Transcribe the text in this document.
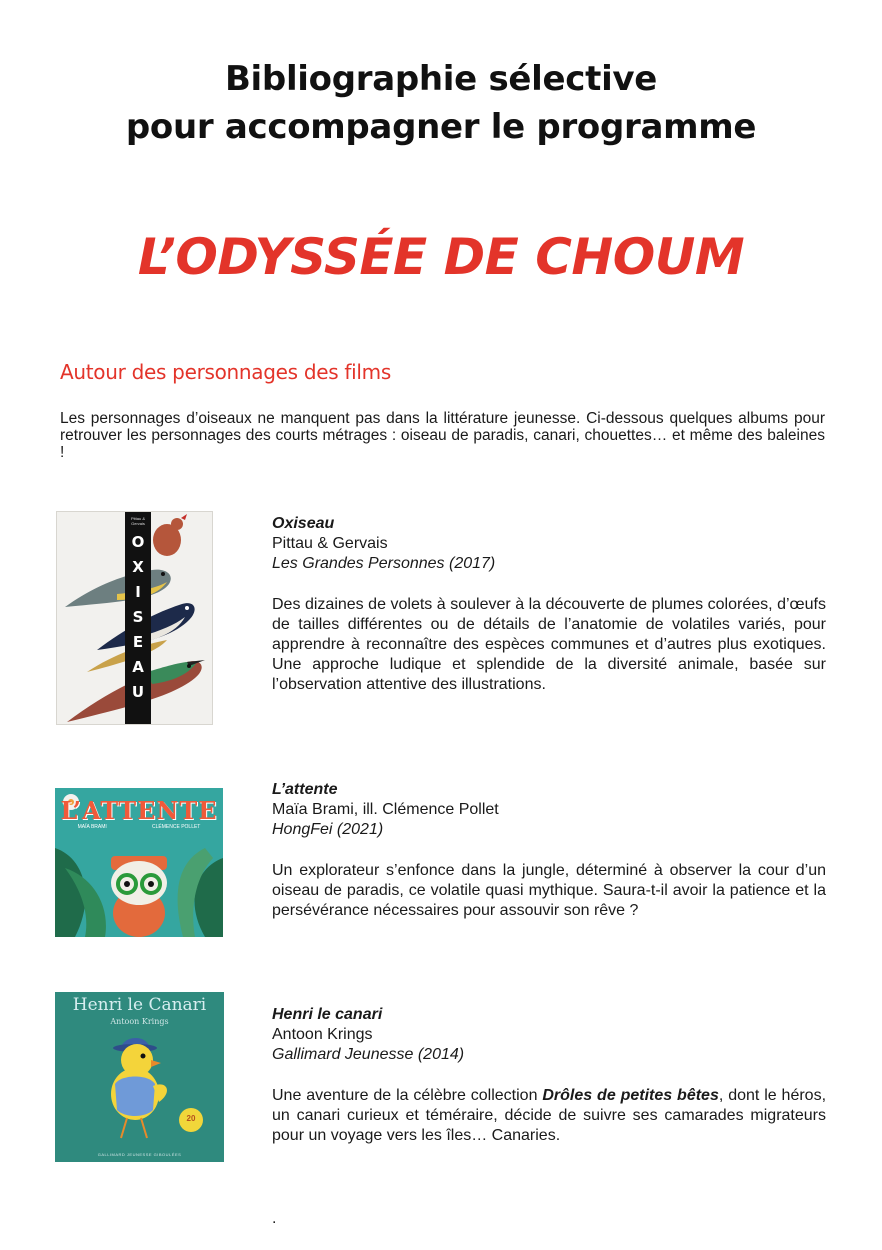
Bibliographie sélective
pour accompagner le programme
L’ODYSSÉE DE CHOUM
Autour des personnages des films

Les personnages d’oiseaux ne manquent pas dans la littérature jeunesse. Ci-dessous quelques albums pour retrouver les personnages des courts métrages : oiseau de paradis, canari, chouettes… et même des baleines !

Pittau & Gervais
O
X
I
S
E
A
U
Oxiseau
Pittau & Gervais
Les Grandes Personnes (2017)

Des dizaines de volets à soulever à la découverte de plumes colorées, d’œufs de tailles différentes ou de détails de l’anatomie de volatiles variés, pour apprendre à reconnaître des espèces communes et d’autres plus exotiques. Une approche ludique et splendide de la diversité animale, basée sur l’observation attentive des illustrations.

L’ATTENTE
MAÏA BRAMI	CLÉMENCE POLLET
L’attente
Maïa Brami, ill. Clémence Pollet
HongFei (2021)

Un explorateur s’enfonce dans la jungle, déterminé à observer la cour d’un oiseau de paradis, ce volatile quasi mythique. Saura-t-il avoir la patience et la persévérance nécessaires pour assouvir son rêve ?

Henri le Canari
Antoon Krings
20
GALLIMARD JEUNESSE GIBOULÉES
Henri le canari
Antoon Krings
Gallimard Jeunesse (2014)

Une aventure de la célèbre collection Drôles de petites bêtes, dont le héros, un canari curieux et téméraire, décide de suivre ses camarades migrateurs pour un voyage vers les îles… Canaries.

.
